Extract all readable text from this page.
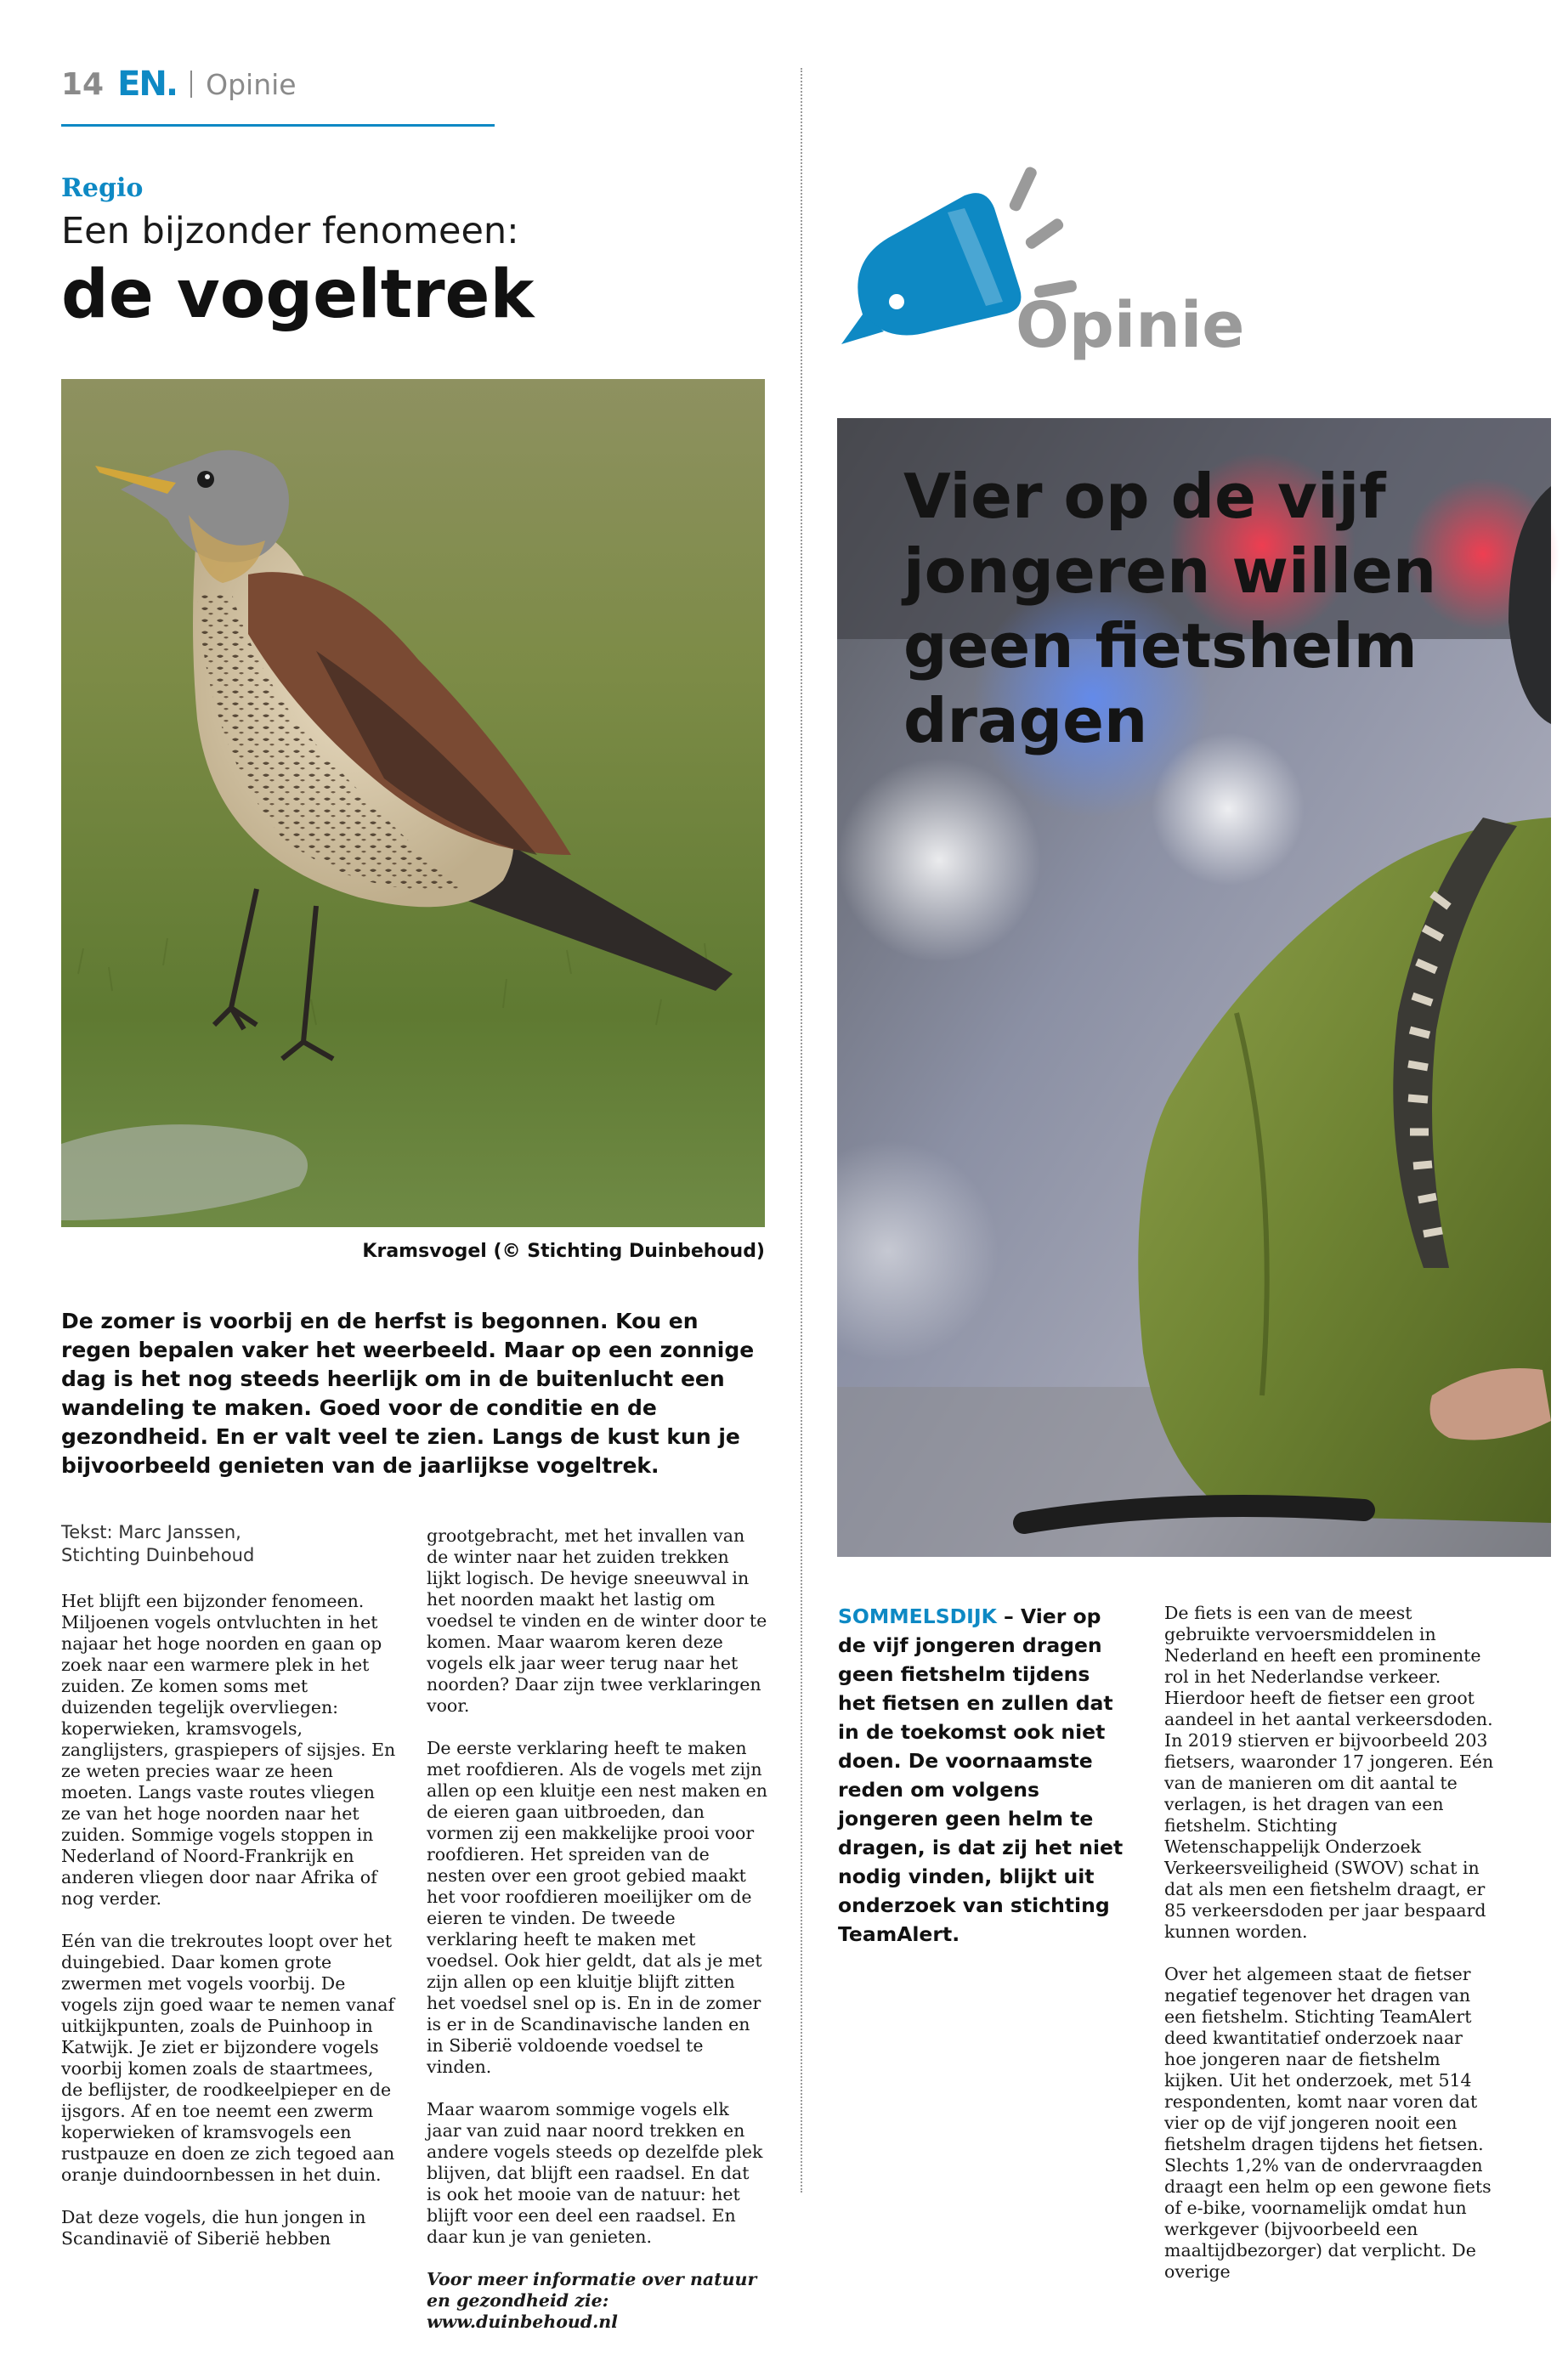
14 EN. Opinie
Regio
Een bijzonder fenomeen:
de vogeltrek
Kramsvogel (© Stichting Duinbehoud)
De zomer is voorbij en de herfst is begonnen. Kou en regen bepalen vaker het weerbeeld. Maar op een zonnige dag is het nog steeds heerlijk om in de buitenlucht een wandeling te maken. Goed voor de conditie en de gezondheid. En er valt veel te zien. Langs de kust kun je bijvoorbeeld genieten van de jaarlijkse vogeltrek.
Tekst: Marc Janssen,
Stichting Duinbehoud

Het blijft een bijzonder fenomeen. Miljoenen vogels ontvluchten in het najaar het hoge noorden en gaan op zoek naar een warmere plek in het zuiden. Ze komen soms met duizenden tegelijk overvliegen: koperwieken, kramsvogels, zanglijsters, graspiepers of sijsjes. En ze weten precies waar ze heen moeten. Langs vaste routes vliegen ze van het hoge noorden naar het zuiden. Sommige vogels stoppen in Nederland of Noord-Frankrijk en anderen vliegen door naar Afrika of nog verder.

Eén van die trekroutes loopt over het duingebied. Daar komen grote zwermen met vogels voorbij. De vogels zijn goed waar te nemen vanaf uitkijkpunten, zoals de Puinhoop in Katwijk. Je ziet er bijzondere vogels voorbij komen zoals de staartmees, de beflijster, de roodkeelpieper en de ijsgors. Af en toe neemt een zwerm koperwieken of kramsvogels een rustpauze en doen ze zich tegoed aan oranje duindoornbessen in het duin.

Dat deze vogels, die hun jongen in Scandinavië of Siberië hebben

grootgebracht, met het invallen van de winter naar het zuiden trekken lijkt logisch. De hevige sneeuwval in het noorden maakt het lastig om voedsel te vinden en de winter door te komen. Maar waarom keren deze vogels elk jaar weer terug naar het noorden? Daar zijn twee verklaringen voor.

De eerste verklaring heeft te maken met roofdieren. Als de vogels met zijn allen op een kluitje een nest maken en de eieren gaan uitbroeden, dan vormen zij een makkelijke prooi voor roofdieren. Het spreiden van de nesten over een groot gebied maakt het voor roofdieren moeilijker om de eieren te vinden. De tweede verklaring heeft te maken met voedsel. Ook hier geldt, dat als je met zijn allen op een kluitje blijft zitten het voedsel snel op is. En in de zomer is er in de Scandinavische landen en in Siberië voldoende voedsel te vinden.

Maar waarom sommige vogels elk jaar van zuid naar noord trekken en andere vogels steeds op dezelfde plek blijven, dat blijft een raadsel. En dat is ook het mooie van de natuur: het blijft voor een deel een raadsel. En daar kun je van genieten.

Voor meer informatie over natuur en gezondheid zie: www.duinbehoud.nl

Opinie
Vier op de vijf jongeren willen geen fietshelm dragen
SOMMELSDIJK – Vier op de vijf jongeren dragen geen fietshelm tijdens het fietsen en zullen dat in de toekomst ook niet doen. De voornaamste reden om volgens jongeren geen helm te dragen, is dat zij het niet nodig vinden, blijkt uit onderzoek van stichting TeamAlert.

De fiets is een van de meest gebruikte vervoersmiddelen in Nederland en heeft een prominente rol in het Nederlandse verkeer. Hierdoor heeft de fietser een groot aandeel in het aantal verkeersdoden. In 2019 stierven er bijvoorbeeld 203 fietsers, waaronder 17 jongeren. Eén van de manieren om dit aantal te verlagen, is het dragen van een fietshelm. Stichting Wetenschappelijk Onderzoek Verkeersveiligheid (SWOV) schat in dat als men een fietshelm draagt, er 85 verkeersdoden per jaar bespaard kunnen worden.

Over het algemeen staat de fietser negatief tegenover het dragen van een fietshelm. Stichting TeamAlert deed kwantitatief onderzoek naar hoe jongeren naar de fietshelm kijken. Uit het onderzoek, met 514 respondenten, komt naar voren dat vier op de vijf jongeren nooit een fietshelm dragen tijdens het fietsen. Slechts 1,2% van de ondervraagden draagt een helm op een gewone fiets of e-bike, voornamelijk omdat hun werkgever (bijvoorbeeld een maaltijdbezorger) dat verplicht. De overige
